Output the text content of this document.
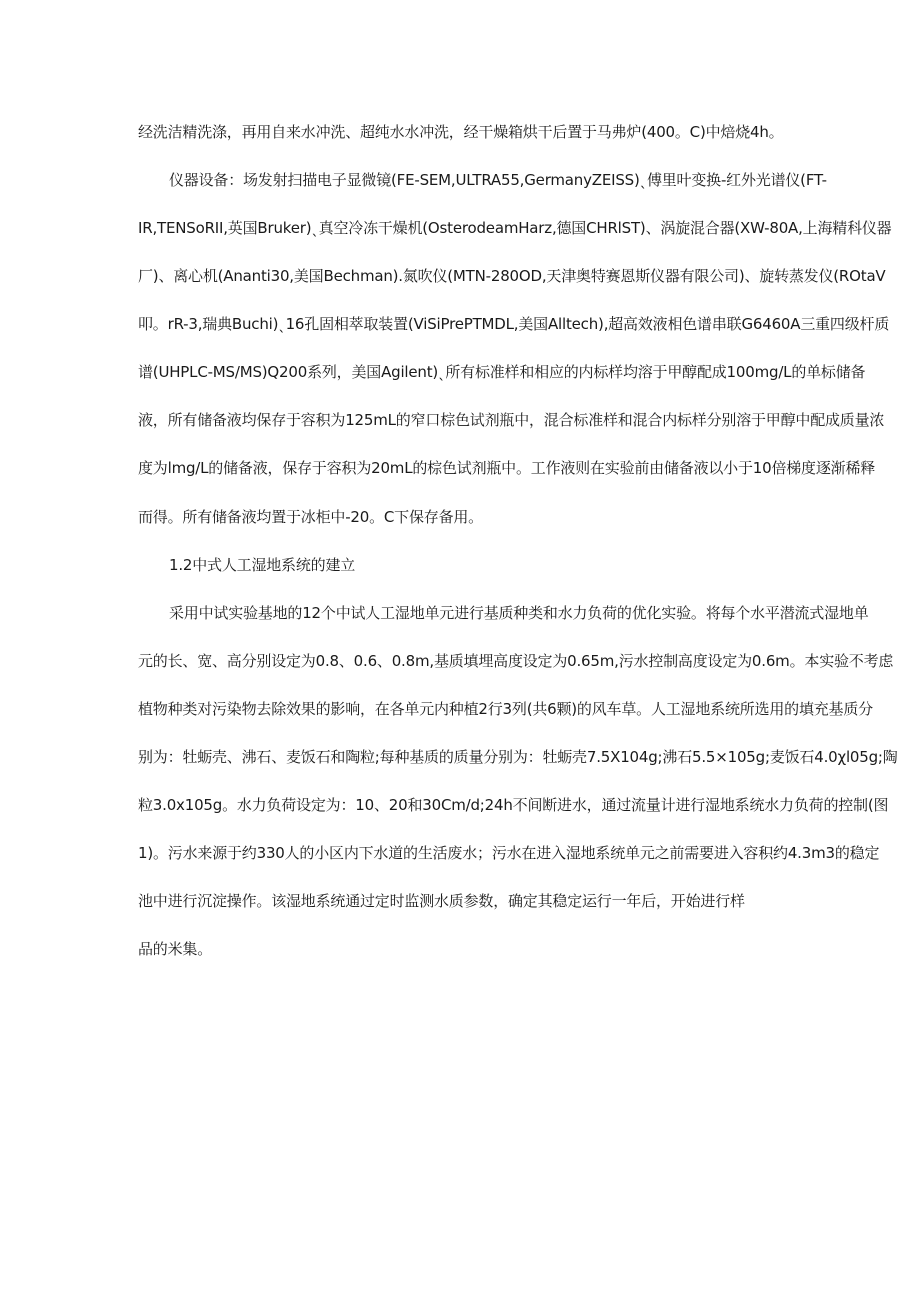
经洗洁精洗涤，再用自来水冲洗、超纯水水冲洗，经干燥箱烘干后置于马弗炉(400。C)中焙烧4h。
仪器设备：场发射扫描电子显微镜(FE-SEM,ULTRA55,GermanyZEISS)ˎ傅里叶变换-红外光谱仪(FT-
IR,TENSoRII,英国Bruker)ˎ真空冷冻干燥机(OsterodeamHarz,德国CHRlST)、涡旋混合器(XW-80A,上海精科仪器
厂)、离心机(Ananti30,美国Bechman).氮吹仪(MTN-280OD,天津奥特赛恩斯仪器有限公司)、旋转蒸发仪(ROtaV
叩。rR-3,瑞典Buchi)ˎ16孔固相萃取装置(ViSiPrePTMDL,美国Alltech),超高效液相色谱串联G6460A三重四级杆质
谱(UHPLC-MS/MS)Q200系列，美国Agilent)ˎ所有标准样和相应的内标样均溶于甲醇配成100mg/L的单标储备
液，所有储备液均保存于容积为125mL的窄口棕色试剂瓶中，混合标准样和混合内标样分别溶于甲醇中配成质量浓
度为lmg/L的储备液，保存于容积为20mL的棕色试剂瓶中。工作液则在实验前由储备液以小于10倍梯度逐渐稀释
而得。所有储备液均置于冰柜中-20。C下保存备用。
1.2中式人工湿地系统的建立
采用中试实验基地的12个中试人工湿地单元进行基质种类和水力负荷的优化实验。将每个水平潜流式湿地单
元的长、宽、高分别设定为0.8、0.6、0.8m,基质填埋高度设定为0.65m,污水控制高度设定为0.6m。本实验不考虑
植物种类对污染物去除效果的影响，在各单元内种植2行3列(共6颗)的风车草。人工湿地系统所选用的填充基质分
别为：牡蛎壳、沸石、麦饭石和陶粒;每种基质的质量分别为：牡蛎壳7.5X104g;沸石5.5×105g;麦饭石4.0χl05g;陶
粒3.0x105g。水力负荷设定为：10、20和30Cm/d;24h不间断进水，通过流量计进行湿地系统水力负荷的控制(图
1)。污水来源于约330人的小区内下水道的生活废水；污水在进入湿地系统单元之前需要进入容积约4.3m3的稳定
池中进行沉淀操作。该湿地系统通过定时监测水质参数，确定其稳定运行一年后，开始进行样
品的米集。
